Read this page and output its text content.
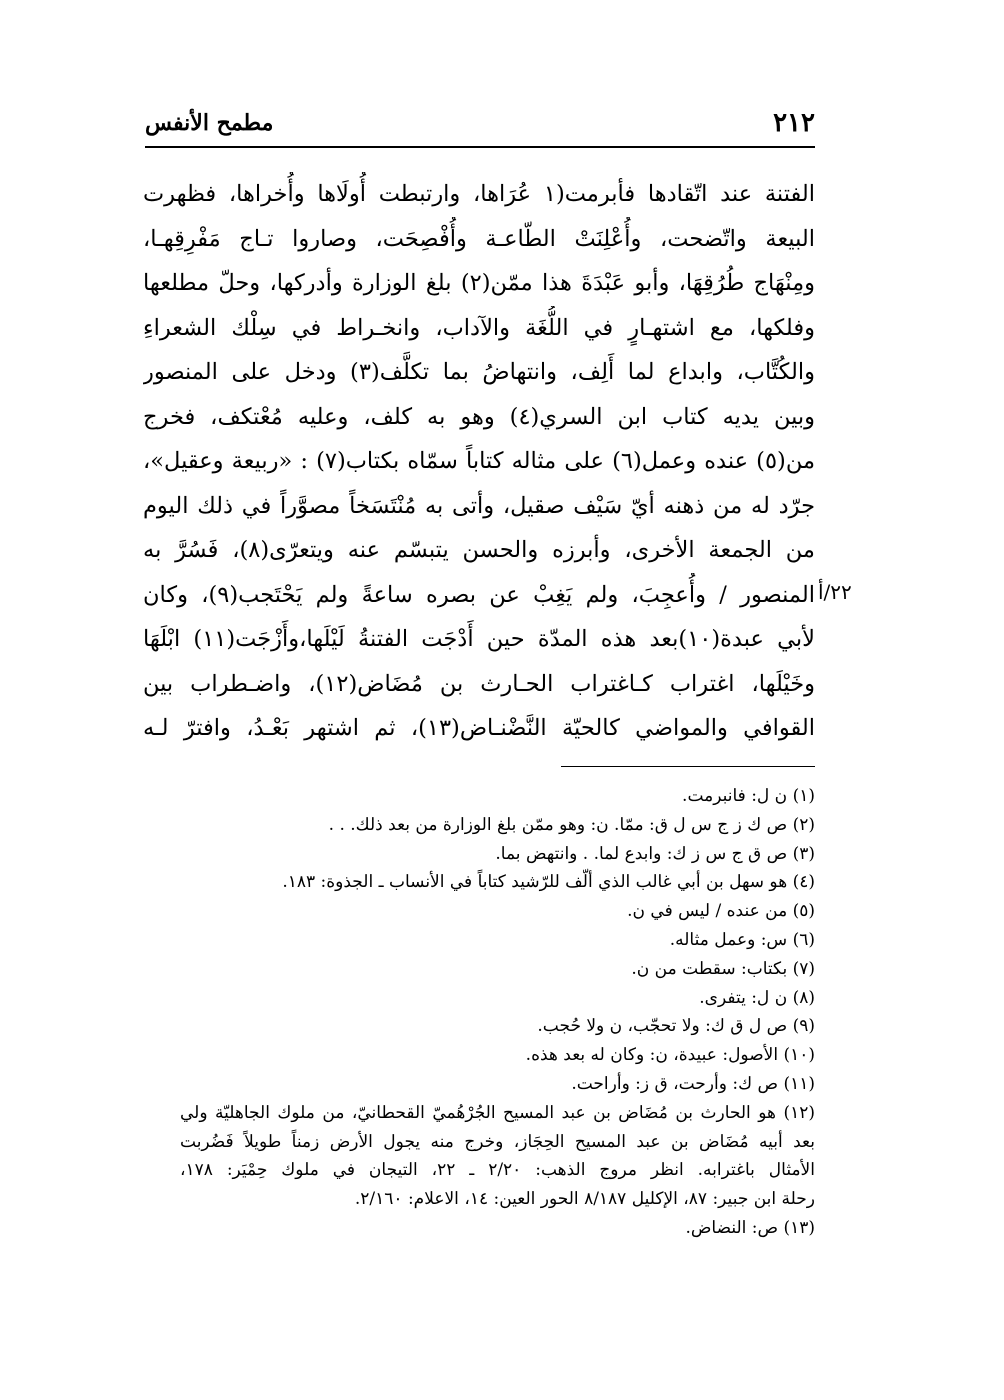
٢١٢
مطمح الأنفس
الفتنة عند اتّقادها فأبرمت(١ عُرَاها، وارتبطت أُولَاها وأُخراها، فظهرت
البيعة واتّضحت، وأُعْلِنَتْ الطّاعـة وأُفْصِحَت، وصاروا تـاج مَفْرِقِهـا،
ومِنْهَاج طُرُقِهَا، وأبو عَبْدَةَ هذا ممّن(٢) بلغ الوزارة وأدركها، وحلّ مطلعها
وفلكها، مع اشتهـارٍ في اللُّغَة والآداب، وانخـراط في سِلْك الشعراءِ
والكُتَّاب، وابداع لما أَلِف، وانتهاضُ بما تكلَّف(٣) ودخل على المنصور
وبين يديه كتاب ابن السري(٤) وهو به كلف، وعليه مُعْتكف، فخرج
من(٥) عنده وعمل(٦) على مثاله كتاباً سمّاه بكتاب(٧) : «ربيعة وعقيل»،
جرّد له من ذهنه أيّ سَيْف صقيل، وأتى به مُنْتَسَخاً مصوَّراً في ذلك اليوم
من الجمعة الأخرى، وأبرزه والحسن يتبسّم عنه ويتعرّى(٨)، فَسُرَّ به
المنصور / وأُعجِبَ، ولم يَغِبْ عن بصره ساعةً ولم يَحْتَجب(٩)، وكان
لأبي عبدة(١٠)بعد هذه المدّة حين أَدْجَت الفتنةُ لَيْلَها،وأَزْجَت(١١) ابْلَهَا
وخَيْلَها، اغتراب كـاغتراب الحـارث بن مُضَاض(١٢)، واضـطراب بين
القوافي والمواضي كالحيّة النَّضْنـاض(١٣)، ثم اشتهر بَعْـدُ، وافترّ لـه
٢٢/أ
(١) ن ل: فانبرمت.
(٢) ص ك ز ج س ل ق: ممّا. ن: وهو ممّن بلغ الوزارة من بعد ذلك. . .
(٣) ص ق ج س ز ك: وابدع لما. . وانتهض بما.
(٤) هو سهل بن أبي غالب الذي ألّف للرّشيد كتاباً في الأنساب ـ الجذوة: ١٨٣.
(٥) من عنده / ليس في ن.
(٦) س: وعمل مثاله.
(٧) بكتاب: سقطت من ن.
(٨) ن ل: يتفرى.
(٩) ص ل ق ك: ولا تحجّب، ن ولا حُجب.
(١٠) الأصول: عبيدة، ن: وكان له بعد هذه.
(١١) ص ك: وأرحت، ق ز: وأراحت.
(١٢) هو الحارث بن مُضَاض بن عبد المسيح الجُرْهُميّ القحطانيّ، من ملوك الجاهليّة ولي
بعد أبيه مُضَاض بن عبد المسيح الحِجَاز، وخرج منه يجول الأرض زمناً طويلاً فَضُربت
الأمثال باغترابه. انظر مروج الذهب: ٢/٢٠ ـ ٢٢، التيجان في ملوك حِمْيَر: ١٧٨،
رحلة ابن جبير: ٨٧، الإكليل ٨/١٨٧ الحور العين: ١٤، الاعلام: ٢/١٦٠.
(١٣) ص: النضاض.
